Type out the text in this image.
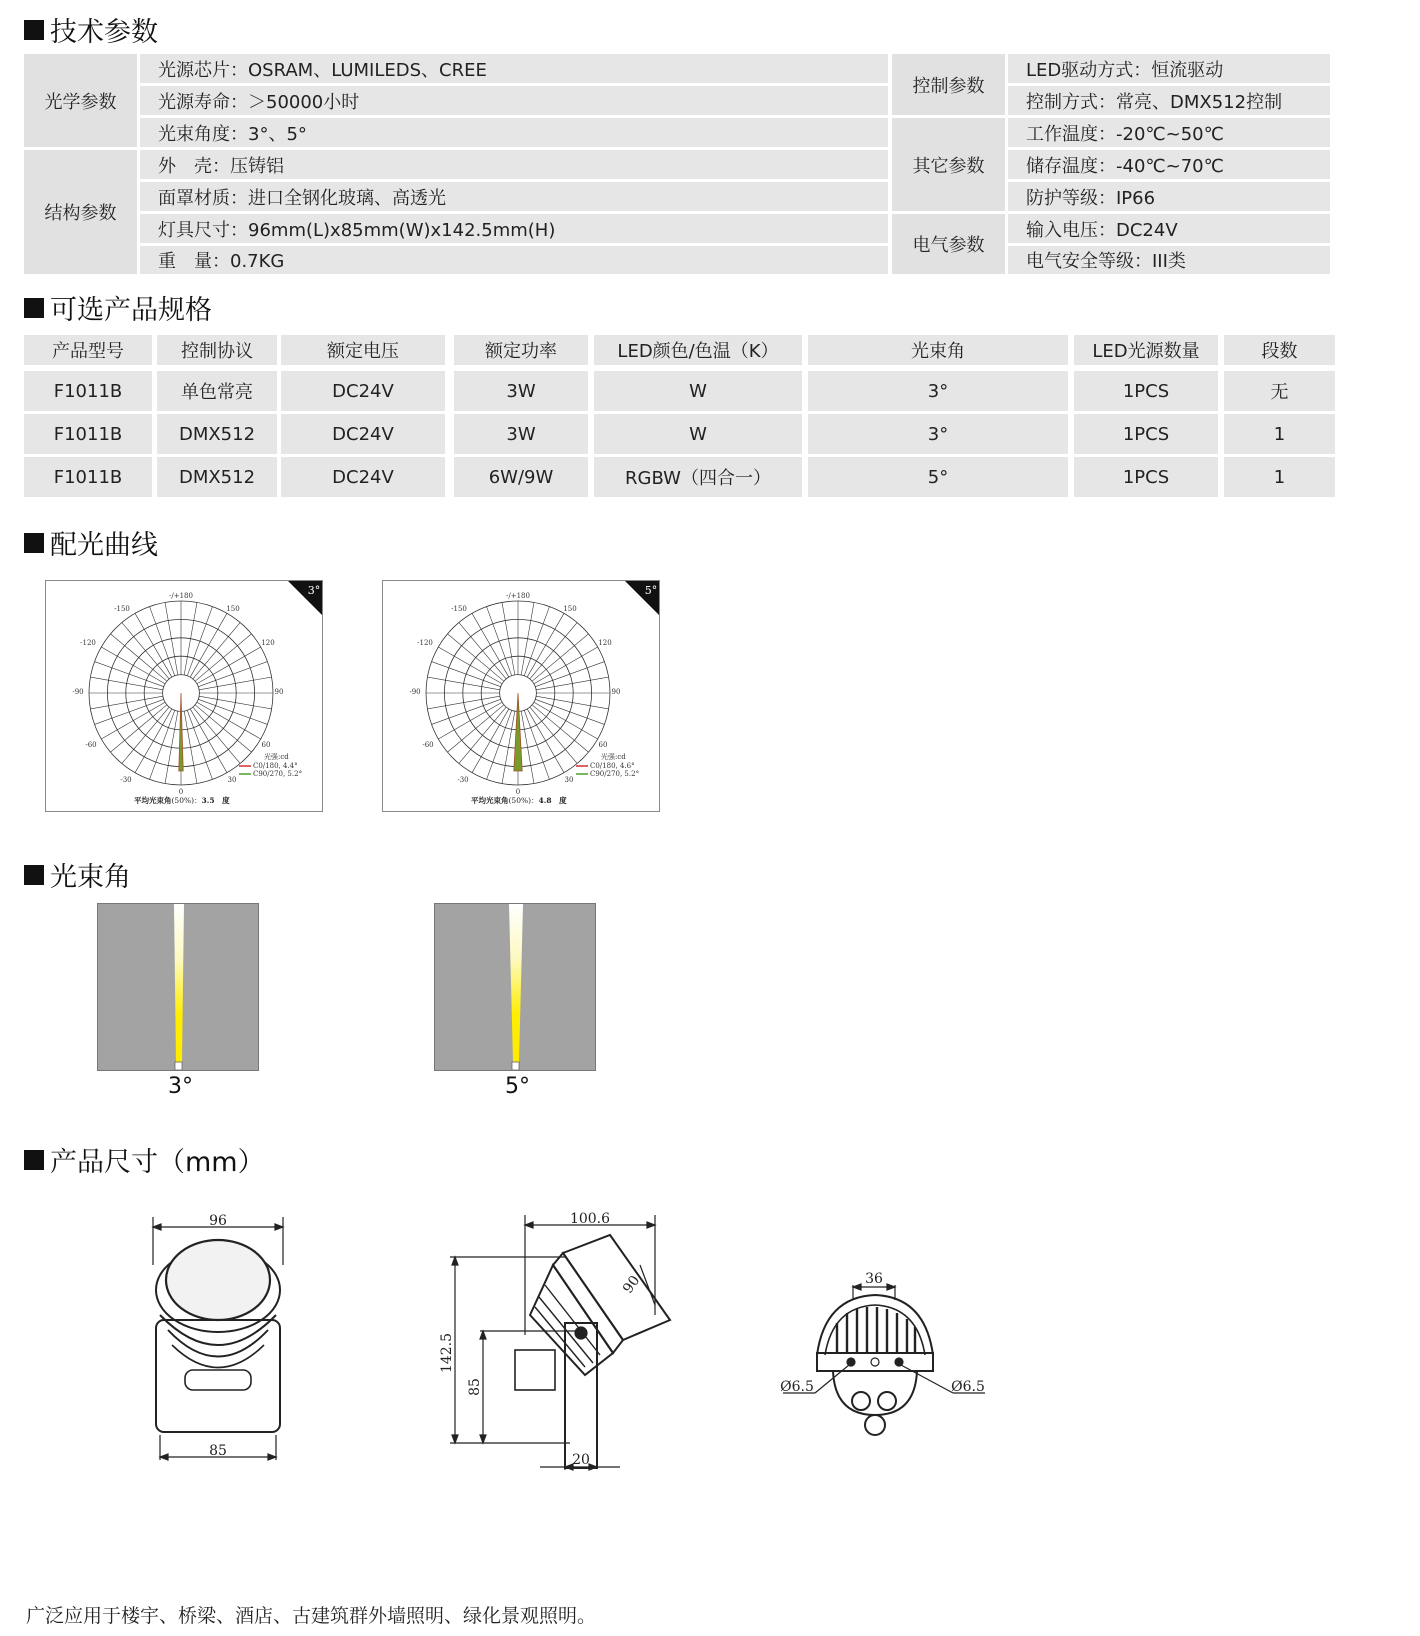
技术参数
光学参数
光源芯片：OSRAM、LUMILEDS、CREE
光源寿命：＞50000小时
光束角度：3°、5°
结构参数
外　壳：压铸铝
面罩材质：进口全钢化玻璃、高透光
灯具尺寸：96mm(L)x85mm(W)x142.5mm(H)
重　量：0.7KG
控制参数
LED驱动方式：恒流驱动
控制方式：常亮、DMX512控制
其它参数
工作温度：-20℃~50℃
储存温度：-40℃~70℃
防护等级：IP66
电气参数
输入电压：DC24V
电气安全等级：III类
可选产品规格
产品型号	控制协议	额定电压	额定功率	LED颜色/色温（K）	光束角	LED光源数量	段数
F1011B	单色常亮	DC24V	3W	W	3°	1PCS	无
F1011B	DMX512	DC24V	3W	W	3°	1PCS	1
F1011B	DMX512	DC24V	6W/9W	RGBW（四合一）	5°	1PCS	1
配光曲线
-/+180
-150	150
-120	120
-90	90
-60	60
-30	30
0
光强:cd
C0/180, 4.4°
C90/270, 5.2°
平均光束角(50%)：3.5　度
3°	-/+180
-150	150
-120	120
-90	90
-60	60
-30	30
0
光强:cd
C0/180, 4.6°
C90/270, 5.2°
平均光束角(50%)：4.8　度
5°
光束角
3°	5°
产品尺寸（mm）
96
85
100.6
90
142.5
85
20
36
Ø6.5	Ø6.5
广泛应用于楼宇、桥梁、酒店、古建筑群外墙照明、绿化景观照明。
